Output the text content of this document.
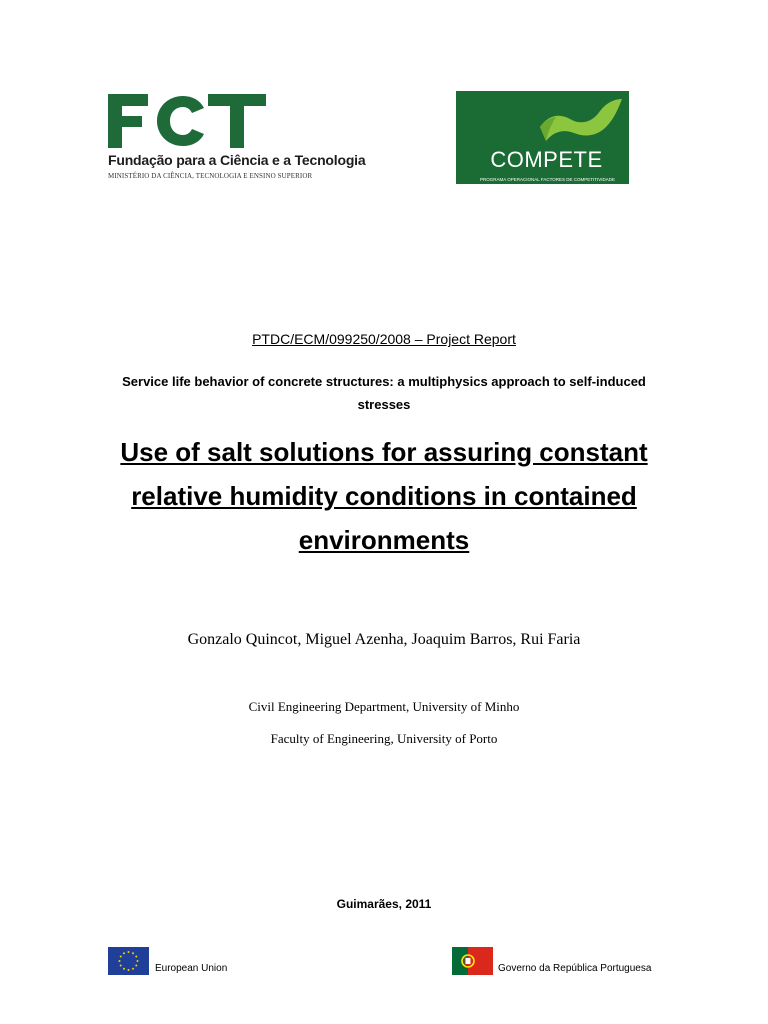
Fundação para a Ciência e a Tecnologia
MINISTÉRIO DA CIÊNCIA, TECNOLOGIA E ENSINO SUPERIOR
COMPETE
PROGRAMA OPERACIONAL FACTORES DE COMPETITIVIDADE
PTDC/ECM/099250/2008 – Project Report
Service life behavior of concrete structures: a multiphysics approach to self-induced stresses
Use of salt solutions for assuring constant relative humidity conditions in contained environments
Gonzalo Quincot, Miguel Azenha, Joaquim Barros, Rui Faria
Civil Engineering Department, University of Minho
Faculty of Engineering, University of Porto
Guimarães, 2011
European Union	Governo da República Portuguesa
